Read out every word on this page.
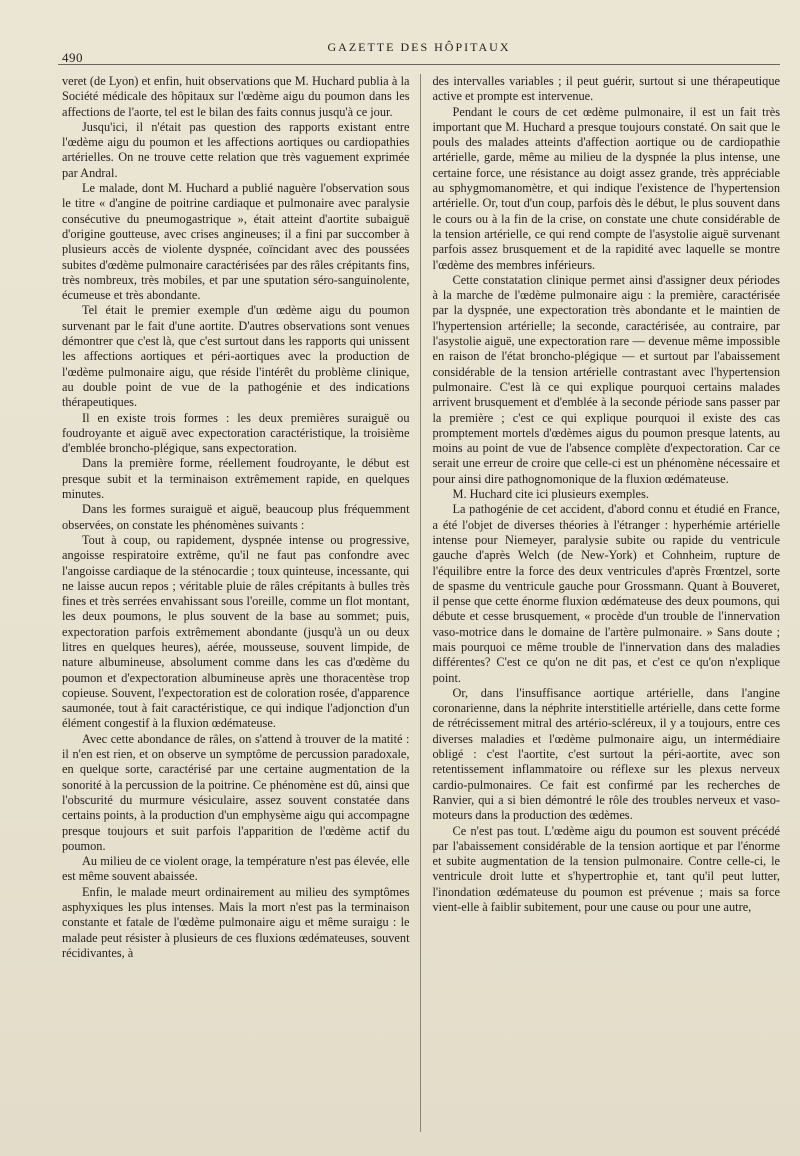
490
GAZETTE DES HÔPITAUX

veret (de Lyon) et enfin, huit observations que M. Huchard publia à la Société médicale des hôpitaux sur l'œdème aigu du poumon dans les affections de l'aorte, tel est le bilan des faits connus jusqu'à ce jour.

Jusqu'ici, il n'était pas question des rapports existant entre l'œdème aigu du poumon et les affections aortiques ou cardiopathies artérielles. On ne trouve cette relation que très vaguement exprimée par Andral.

Le malade, dont M. Huchard a publié naguère l'observation sous le titre « d'angine de poitrine cardiaque et pulmonaire avec paralysie consécutive du pneumogastrique », était atteint d'aortite subaiguë d'origine goutteuse, avec crises angineuses; il a fini par succomber à plusieurs accès de violente dyspnée, coïncidant avec des poussées subites d'œdème pulmonaire caractérisées par des râles crépitants fins, très nombreux, très mobiles, et par une sputation séro-sanguinolente, écumeuse et très abondante.

Tel était le premier exemple d'un œdème aigu du poumon survenant par le fait d'une aortite. D'autres observations sont venues démontrer que c'est là, que c'est surtout dans les rapports qui unissent les affections aortiques et péri-aortiques avec la production de l'œdème pulmonaire aigu, que réside l'intérêt du problème clinique, au double point de vue de la pathogénie et des indications thérapeutiques.

Il en existe trois formes : les deux premières suraiguë ou foudroyante et aiguë avec expectoration caractéristique, la troisième d'emblée broncho-plégique, sans expectoration.

Dans la première forme, réellement foudroyante, le début est presque subit et la terminaison extrêmement rapide, en quelques minutes.

Dans les formes suraiguë et aiguë, beaucoup plus fréquemment observées, on constate les phénomènes suivants :

Tout à coup, ou rapidement, dyspnée intense ou progressive, angoisse respiratoire extrême, qu'il ne faut pas confondre avec l'angoisse cardiaque de la sténocardie ; toux quinteuse, incessante, qui ne laisse aucun repos ; véritable pluie de râles crépitants à bulles très fines et très serrées envahissant sous l'oreille, comme un flot montant, les deux poumons, le plus souvent de la base au sommet; puis, expectoration parfois extrêmement abondante (jusqu'à un ou deux litres en quelques heures), aérée, mousseuse, souvent limpide, de nature albumineuse, absolument comme dans les cas d'œdème du poumon et d'expectoration albumineuse après une thoracentèse trop copieuse. Souvent, l'expectoration est de coloration rosée, d'apparence saumonée, tout à fait caractéristique, ce qui indique l'adjonction d'un élément congestif à la fluxion œdémateuse.

Avec cette abondance de râles, on s'attend à trouver de la matité : il n'en est rien, et on observe un symptôme de percussion paradoxale, en quelque sorte, caractérisé par une certaine augmentation de la sonorité à la percussion de la poitrine. Ce phénomène est dû, ainsi que l'obscurité du murmure vésiculaire, assez souvent constatée dans certains points, à la production d'un emphysème aigu qui accompagne presque toujours et suit parfois l'apparition de l'œdème actif du poumon.

Au milieu de ce violent orage, la température n'est pas élevée, elle est même souvent abaissée.

Enfin, le malade meurt ordinairement au milieu des symptômes asphyxiques les plus intenses. Mais la mort n'est pas la terminaison constante et fatale de l'œdème pulmonaire aigu et même suraigu : le malade peut résister à plusieurs de ces fluxions œdémateuses, souvent récidivantes, à

des intervalles variables ; il peut guérir, surtout si une thérapeutique active et prompte est intervenue.

Pendant le cours de cet œdème pulmonaire, il est un fait très important que M. Huchard a presque toujours constaté. On sait que le pouls des malades atteints d'affection aortique ou de cardiopathie artérielle, garde, même au milieu de la dyspnée la plus intense, une certaine force, une résistance au doigt assez grande, très appréciable au sphygmomanomètre, et qui indique l'existence de l'hypertension artérielle. Or, tout d'un coup, parfois dès le début, le plus souvent dans le cours ou à la fin de la crise, on constate une chute considérable de la tension artérielle, ce qui rend compte de l'asystolie aiguë survenant parfois assez brusquement et de la rapidité avec laquelle se montre l'œdème des membres inférieurs.

Cette constatation clinique permet ainsi d'assigner deux périodes à la marche de l'œdème pulmonaire aigu : la première, caractérisée par la dyspnée, une expectoration très abondante et le maintien de l'hypertension artérielle; la seconde, caractérisée, au contraire, par l'asystolie aiguë, une expectoration rare — devenue même impossible en raison de l'état broncho-plégique — et surtout par l'abaissement considérable de la tension artérielle contrastant avec l'hypertension pulmonaire. C'est là ce qui explique pourquoi certains malades arrivent brusquement et d'emblée à la seconde période sans passer par la première ; c'est ce qui explique pourquoi il existe des cas promptement mortels d'œdèmes aigus du poumon presque latents, au moins au point de vue de l'absence complète d'expectoration. Car ce serait une erreur de croire que celle-ci est un phénomène nécessaire et pour ainsi dire pathognomonique de la fluxion œdémateuse.

M. Huchard cite ici plusieurs exemples.

La pathogénie de cet accident, d'abord connu et étudié en France, a été l'objet de diverses théories à l'étranger : hyperhémie artérielle intense pour Niemeyer, paralysie subite ou rapide du ventricule gauche d'après Welch (de New-York) et Cohnheim, rupture de l'équilibre entre la force des deux ventricules d'après Frœntzel, sorte de spasme du ventricule gauche pour Grossmann. Quant à Bouveret, il pense que cette énorme fluxion œdémateuse des deux poumons, qui débute et cesse brusquement, « procède d'un trouble de l'innervation vaso-motrice dans le domaine de l'artère pulmonaire. » Sans doute ; mais pourquoi ce même trouble de l'innervation dans des maladies différentes? C'est ce qu'on ne dit pas, et c'est ce qu'on n'explique point.

Or, dans l'insuffisance aortique artérielle, dans l'angine coronarienne, dans la néphrite interstitielle artérielle, dans cette forme de rétrécissement mitral des artério-scléreux, il y a toujours, entre ces diverses maladies et l'œdème pulmonaire aigu, un intermédiaire obligé : c'est l'aortite, c'est surtout la péri-aortite, avec son retentissement inflammatoire ou réflexe sur les plexus nerveux cardio-pulmonaires. Ce fait est confirmé par les recherches de Ranvier, qui a si bien démontré le rôle des troubles nerveux et vaso-moteurs dans la production des œdèmes.

Ce n'est pas tout. L'œdème aigu du poumon est souvent précédé par l'abaissement considérable de la tension aortique et par l'énorme et subite augmentation de la tension pulmonaire. Contre celle-ci, le ventricule droit lutte et s'hypertrophie et, tant qu'il peut lutter, l'inondation œdémateuse du poumon est prévenue ; mais sa force vient-elle à faiblir subitement, pour une cause ou pour une autre,
